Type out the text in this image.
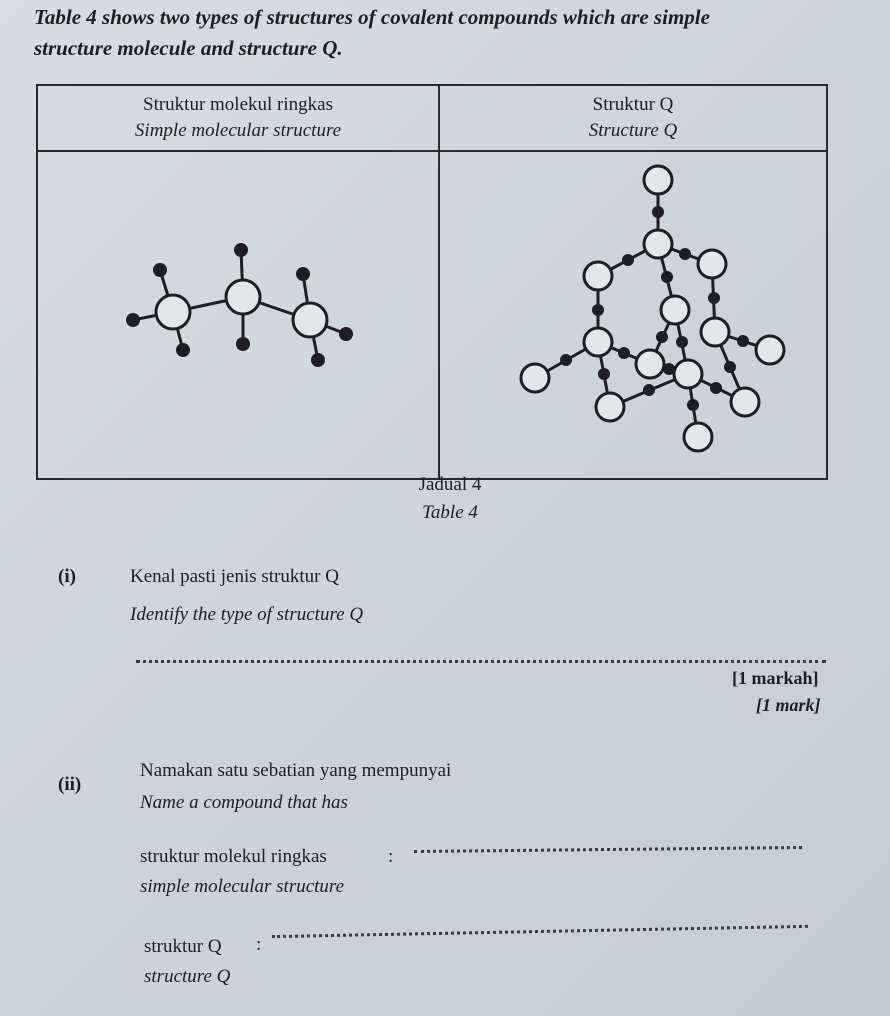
Table 4 shows two types of structures of covalent compounds which are simple
structure molecule and structure Q.
Struktur molekul ringkas
Simple molecular structure
Struktur Q
Structure Q
Jadual 4
Table 4
(i)	Kenal pasti jenis struktur Q
Identify the type of structure Q
[1 markah]
[1 mark]
(ii)
Namakan satu sebatian yang mempunyai
Name a compound that has
struktur molekul ringkas	:
simple molecular structure
struktur Q :
structure Q
